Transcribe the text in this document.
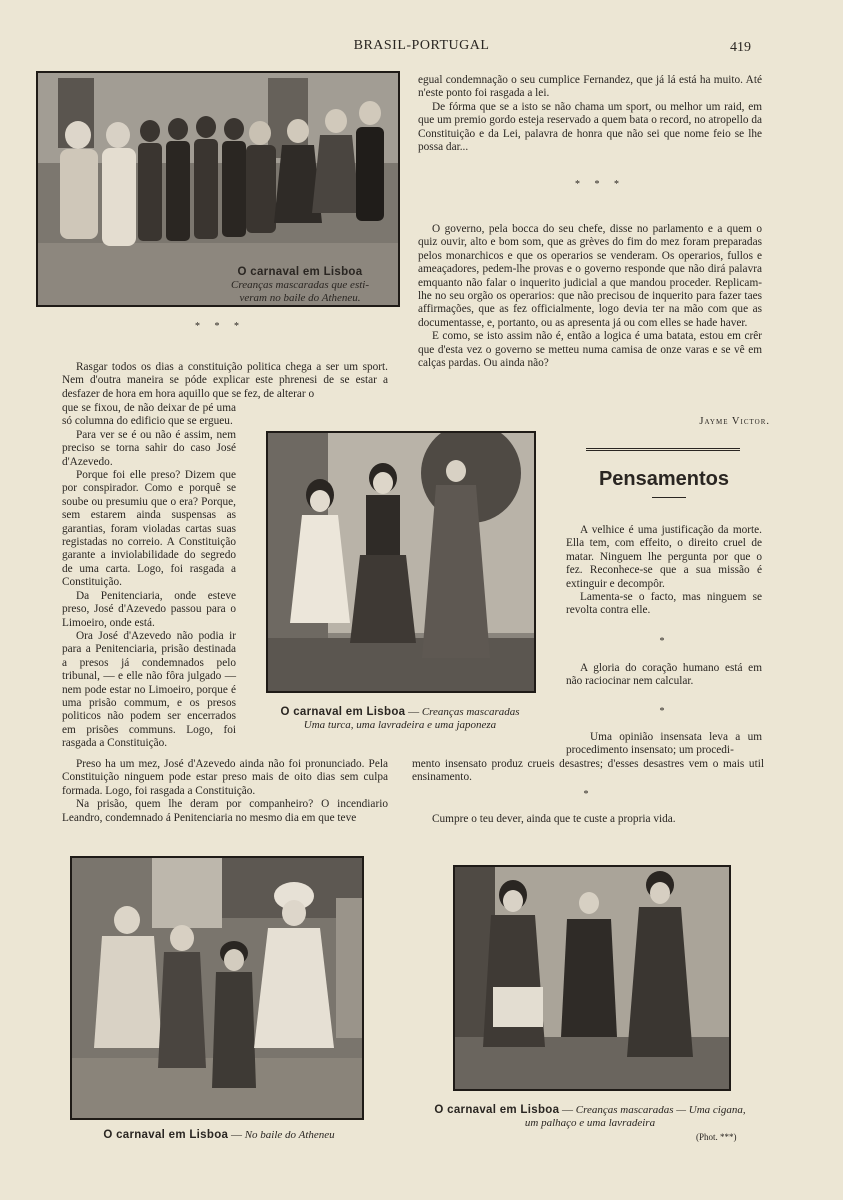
BRASIL-PORTUGAL	419
O carnaval em Lisboa
Creanças mascaradas que esti-
veram no baile do Atheneu.

egual condemnação o seu cumplice Fernandez, que já lá está ha muito. Até n'este ponto foi rasgada a lei.

De fórma que se a isto se não chama um sport, ou melhor um raid, em que um premio gordo esteja reservado a quem bata o record, no atropello da Constituição e da Lei, palavra de honra que não sei que nome feio se lhe possa dar...

* * *

O governo, pela bocca do seu chefe, disse no parlamento e a quem o quiz ouvir, alto e bom som, que as grèves do fim do mez foram preparadas pelos monarchicos e que os operarios se venderam. Os operarios, fullos e ameaçadores, pedem-lhe provas e o governo responde que não dirá palavra emquanto não falar o inquerito judicial a que mandou proceder. Replicam-lhe no seu orgão os operarios: que não precisou de inquerito para fazer taes affirmações, que as fez officialmente, logo devia ter na mão com que as documentasse, e, portanto, ou as apresenta já ou com elles se hade haver.

E como, se isto assim não é, então a logica é uma batata, estou em crêr que d'esta vez o governo se metteu numa camisa de onze varas e se vê em calças pardas. Ou ainda não?

Jayme Victor.
* * *

Rasgar todos os dias a constituição politica chega a ser um sport. Nem d'outra maneira se póde explicar este phrenesi de se estar a desfazer de hora em hora aquillo que se fez, de alterar o

que se fixou, de não deixar de pé uma só columna do edificio que se ergueu.

Para ver se é ou não é assim, nem preciso se torna sahir do caso José d'Azevedo.

Porque foi elle preso? Dizem que por conspirador. Como e porquê se soube ou presumiu que o era? Porque, sem estarem ainda suspensas as garantias, foram violadas cartas suas registadas no correio. A Constituição garante a inviolabilidade do segredo de uma carta. Logo, foi rasgada a Constituição.

Da Penitenciaria, onde esteve preso, José d'Azevedo passou para o Limoeiro, onde está.

Ora José d'Azevedo não podia ir para a Penitenciaria, prisão destinada a presos já condemnados pelo tribunal, — e elle não fôra julgado — nem pode estar no Limoeiro, porque é uma prisão commum, e os presos politicos não podem ser encerrados em prisões communs. Logo, foi rasgada a Constituição.

O carnaval em Lisboa — Creanças mascaradas
Uma turca, uma lavradeira e uma japoneza

Preso ha um mez, José d'Azevedo ainda não foi pronunciado. Pela Constituição ninguem pode estar preso mais de oito dias sem culpa formada. Logo, foi rasgada a Constituição.

Na prisão, quem lhe deram por companheiro? O incendiario Leandro, condemnado á Penitenciaria no mesmo dia em que teve

Pensamentos

A velhice é uma justificação da morte. Ella tem, com effeito, o direito cruel de matar. Ninguem lhe pergunta por que o fez. Reconhece-se que a sua missão é extinguir e decompôr.

Lamenta-se o facto, mas ninguem se revolta contra elle.

*

A gloria do coração humano está em não raciocinar nem calcular.

*

Uma opinião insensata leva a um procedimento insensato; um procedi-

mento insensato produz crueis desastres; d'esses desastres vem o mais util ensinamento.

*

Cumpre o teu dever, ainda que te custe a propria vida.

O carnaval em Lisboa — No baile do Atheneu
O carnaval em Lisboa — Creanças mascaradas — Uma cigana,
um palhaço e uma lavradeira
(Phot. ***)
